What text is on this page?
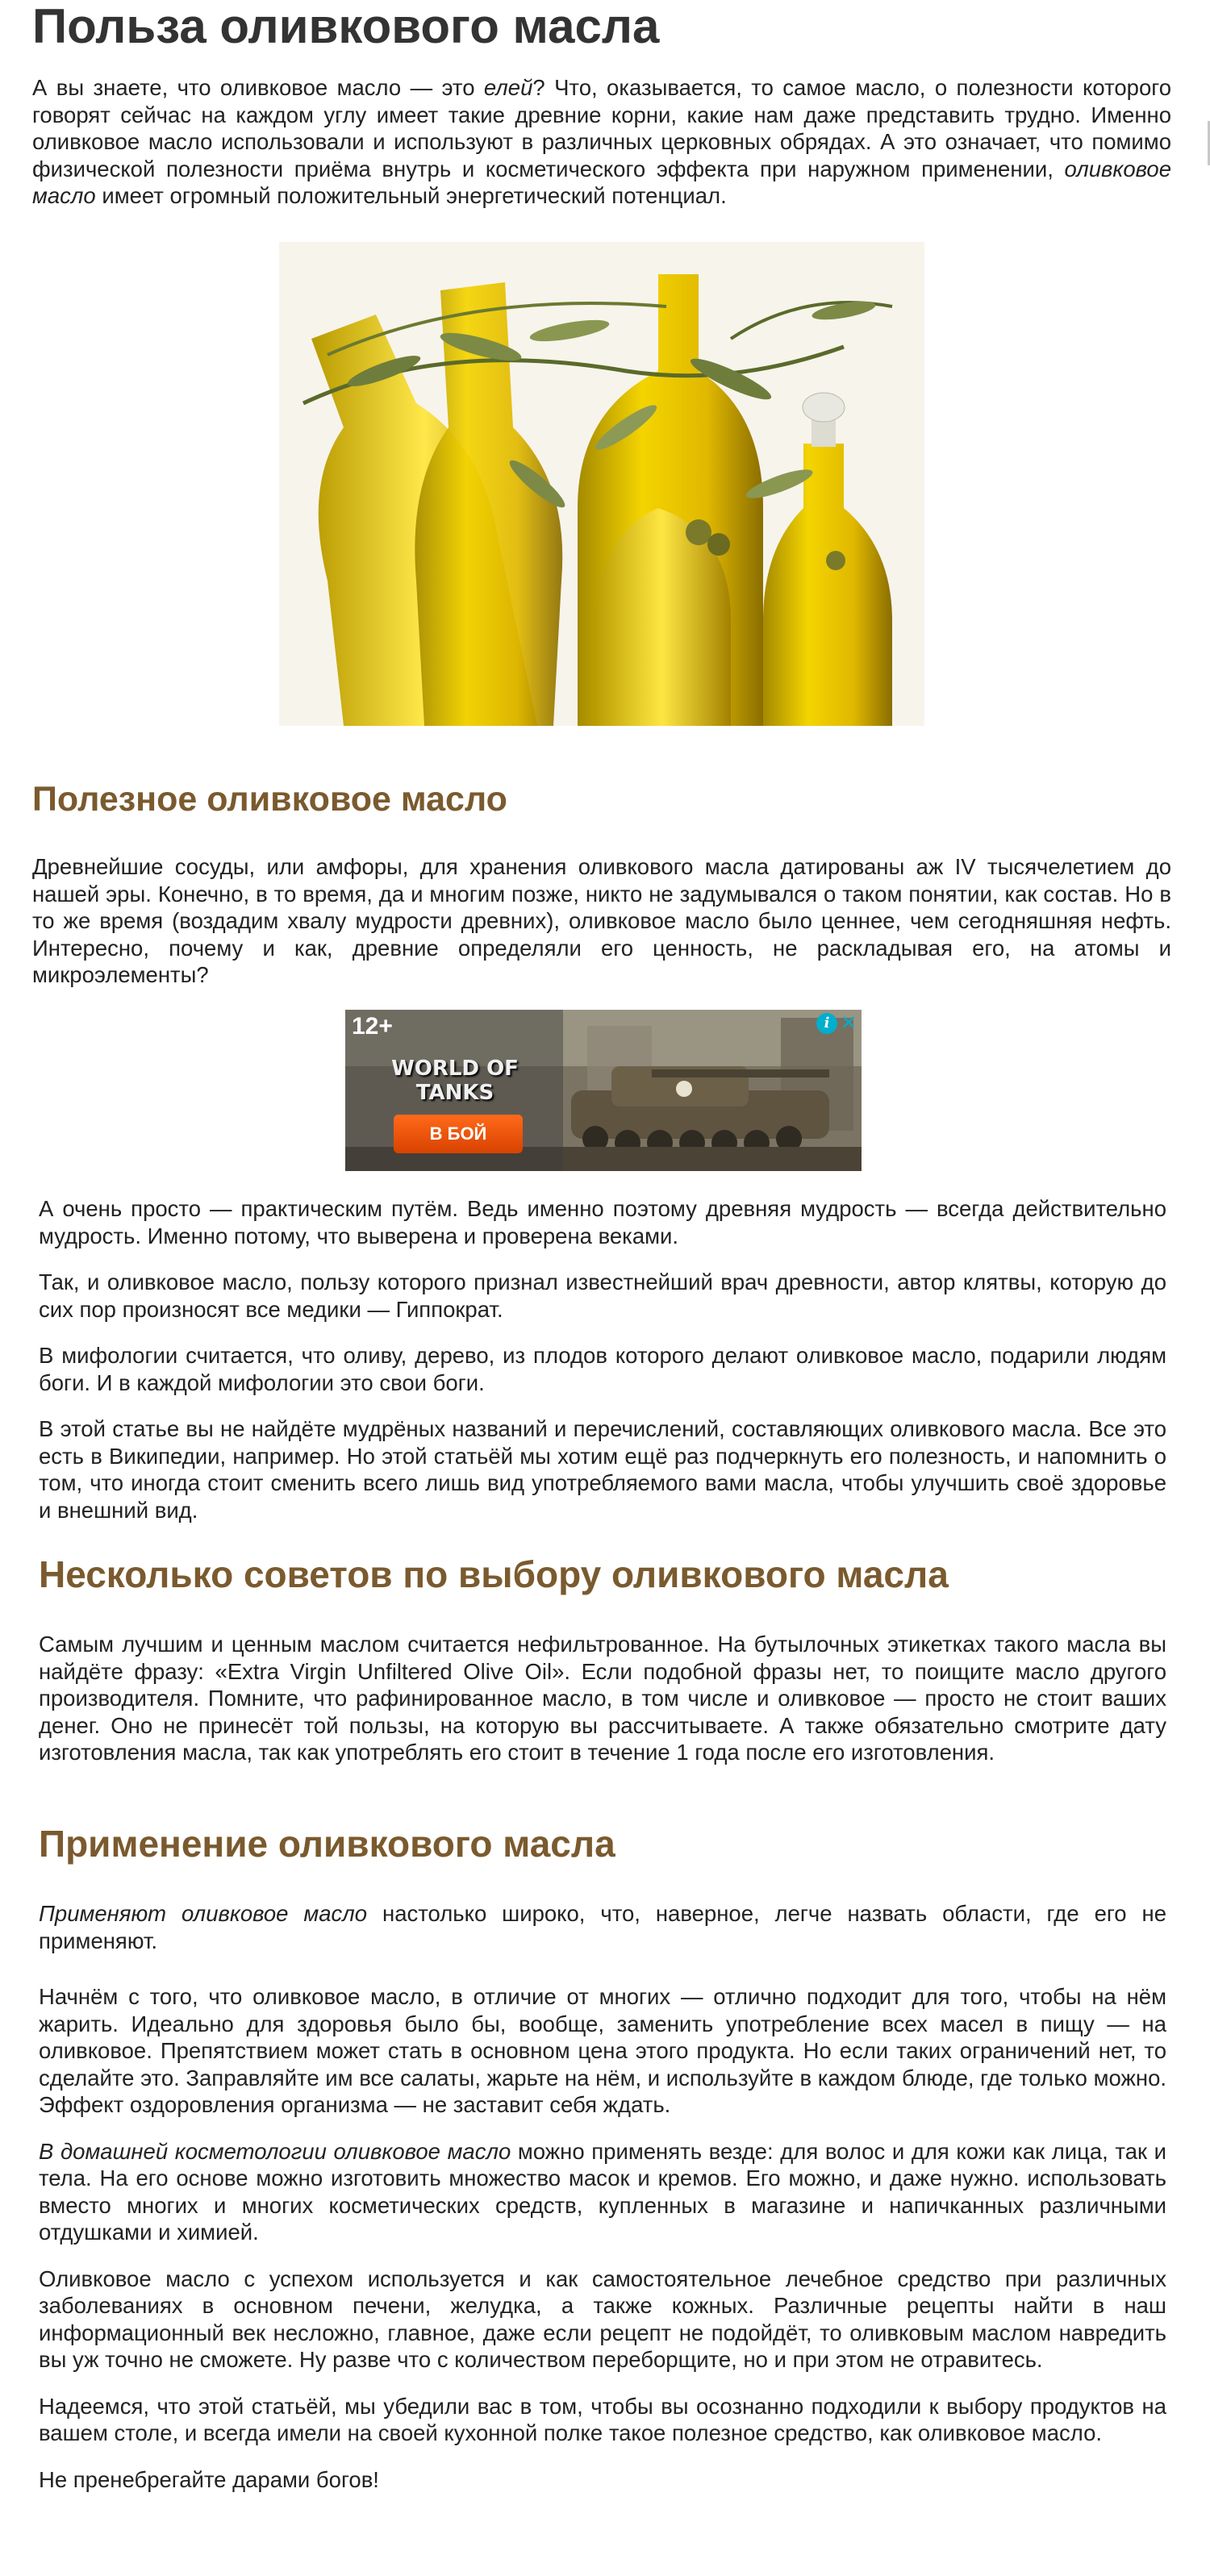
Польза оливкового масла

А вы знаете, что оливковое масло — это елей? Что, оказывается, то самое масло, о полезности которого говорят сейчас на каждом углу имеет такие древние корни, какие нам даже представить трудно. Именно оливковое масло использовали и используют в различных церковных обрядах. А это означает, что помимо физической полезности приёма внутрь и косметического эффекта при наружном применении, оливковое масло имеет огромный положительный энергетический потенциал.

Полезное оливковое масло

Древнейшие сосуды, или амфоры, для хранения оливкового масла датированы аж IV тысячелетием до нашей эры. Конечно, в то время, да и многим позже, никто не задумывался о таком понятии, как состав. Но в то же время (воздадим хвалу мудрости древних), оливковое масло было ценнее, чем сегодняшняя нефть. Интересно, почему и как, древние определяли его ценность, не раскладывая его, на атомы и микроэлементы?

12+
WORLD OF TANKS
В БОЙ
i ✕

А очень просто — практическим путём. Ведь именно поэтому древняя мудрость — всегда действительно мудрость. Именно потому, что выверена и проверена веками.

Так, и оливковое масло, пользу которого признал известнейший врач древности, автор клятвы, которую до сих пор произносят все медики — Гиппократ.

В мифологии считается, что оливу, дерево, из плодов которого делают оливковое масло, подарили людям боги. И в каждой мифологии это свои боги.

В этой статье вы не найдёте мудрёных названий и перечислений, составляющих оливкового масла. Все это есть в Википедии, например. Но этой статьёй мы хотим ещё раз подчеркнуть его полезность, и напомнить о том, что иногда стоит сменить всего лишь вид употребляемого вами масла, чтобы улучшить своё здоровье и внешний вид.

Несколько советов по выбору оливкового масла

Самым лучшим и ценным маслом считается нефильтрованное. На бутылочных этикетках такого масла вы найдёте фразу: «Extra Virgin Unfiltered Olive Oil». Если подобной фразы нет, то поищите масло другого производителя. Помните, что рафинированное масло, в том числе и оливковое — просто не стоит ваших денег. Оно не принесёт той пользы, на которую вы рассчитываете. А также обязательно смотрите дату изготовления масла, так как употреблять его стоит в течение 1 года после его изготовления.

Применение оливкового масла

Применяют оливковое масло настолько широко, что, наверное, легче назвать области, где его не применяют.

Начнём с того, что оливковое масло, в отличие от многих — отлично подходит для того, чтобы на нём жарить. Идеально для здоровья было бы, вообще, заменить употребление всех масел в пищу — на оливковое. Препятствием может стать в основном цена этого продукта. Но если таких ограничений нет, то сделайте это. Заправляйте им все салаты, жарьте на нём, и используйте в каждом блюде, где только можно. Эффект оздоровления организма — не заставит себя ждать.

В домашней косметологии оливковое масло можно применять везде: для волос и для кожи как лица, так и тела. На его основе можно изготовить множество масок и кремов. Его можно, и даже нужно. использовать вместо многих и многих косметических средств, купленных в магазине и напичканных различными отдушками и химией.

Оливковое масло с успехом используется и как самостоятельное лечебное средство при различных заболеваниях в основном печени, желудка, а также кожных. Различные рецепты найти в наш информационный век несложно, главное, даже если рецепт не подойдёт, то оливковым маслом навредить вы уж точно не сможете. Ну разве что с количеством переборщите, но и при этом не отравитесь.

Надеемся, что этой статьёй, мы убедили вас в том, чтобы вы осознанно подходили к выбору продуктов на вашем столе, и всегда имели на своей кухонной полке такое полезное средство, как оливковое масло.

Не пренебрегайте дарами богов!
